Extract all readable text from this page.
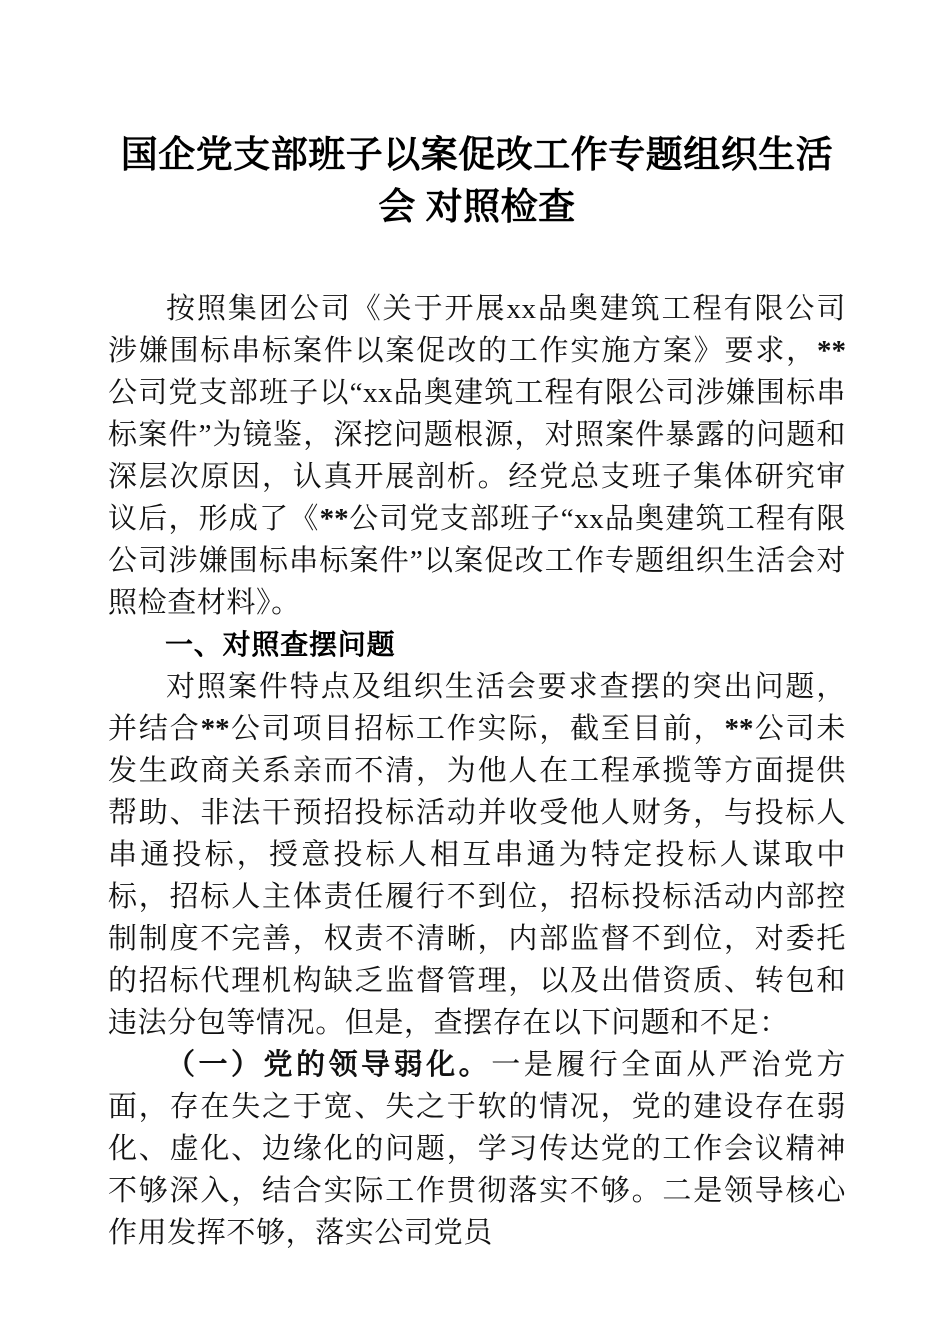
国企党支部班子以案促改工作专题组织生活会 对照检查

按照集团公司《关于开展xx品奥建筑工程有限公司涉嫌围标串标案件以案促改的工作实施方案》要求，**公司党支部班子以“xx品奥建筑工程有限公司涉嫌围标串标案件”为镜鉴，深挖问题根源，对照案件暴露的问题和深层次原因，认真开展剖析。经党总支班子集体研究审议后，形成了《**公司党支部班子“xx品奥建筑工程有限公司涉嫌围标串标案件”以案促改工作专题组织生活会对照检查材料》。

一、对照查摆问题

对照案件特点及组织生活会要求查摆的突出问题，并结合**公司项目招标工作实际，截至目前，**公司未发生政商关系亲而不清，为他人在工程承揽等方面提供帮助、非法干预招投标活动并收受他人财务，与投标人串通投标，授意投标人相互串通为特定投标人谋取中标，招标人主体责任履行不到位，招标投标活动内部控制制度不完善，权责不清晰，内部监督不到位，对委托的招标代理机构缺乏监督管理，以及出借资质、转包和违法分包等情况。但是，查摆存在以下问题和不足：

（一）党的领导弱化。一是履行全面从严治党方面，存在失之于宽、失之于软的情况，党的建设存在弱化、虚化、边缘化的问题，学习传达党的工作会议精神不够深入，结合实际工作贯彻落实不够。二是领导核心作用发挥不够，落实公司党员
